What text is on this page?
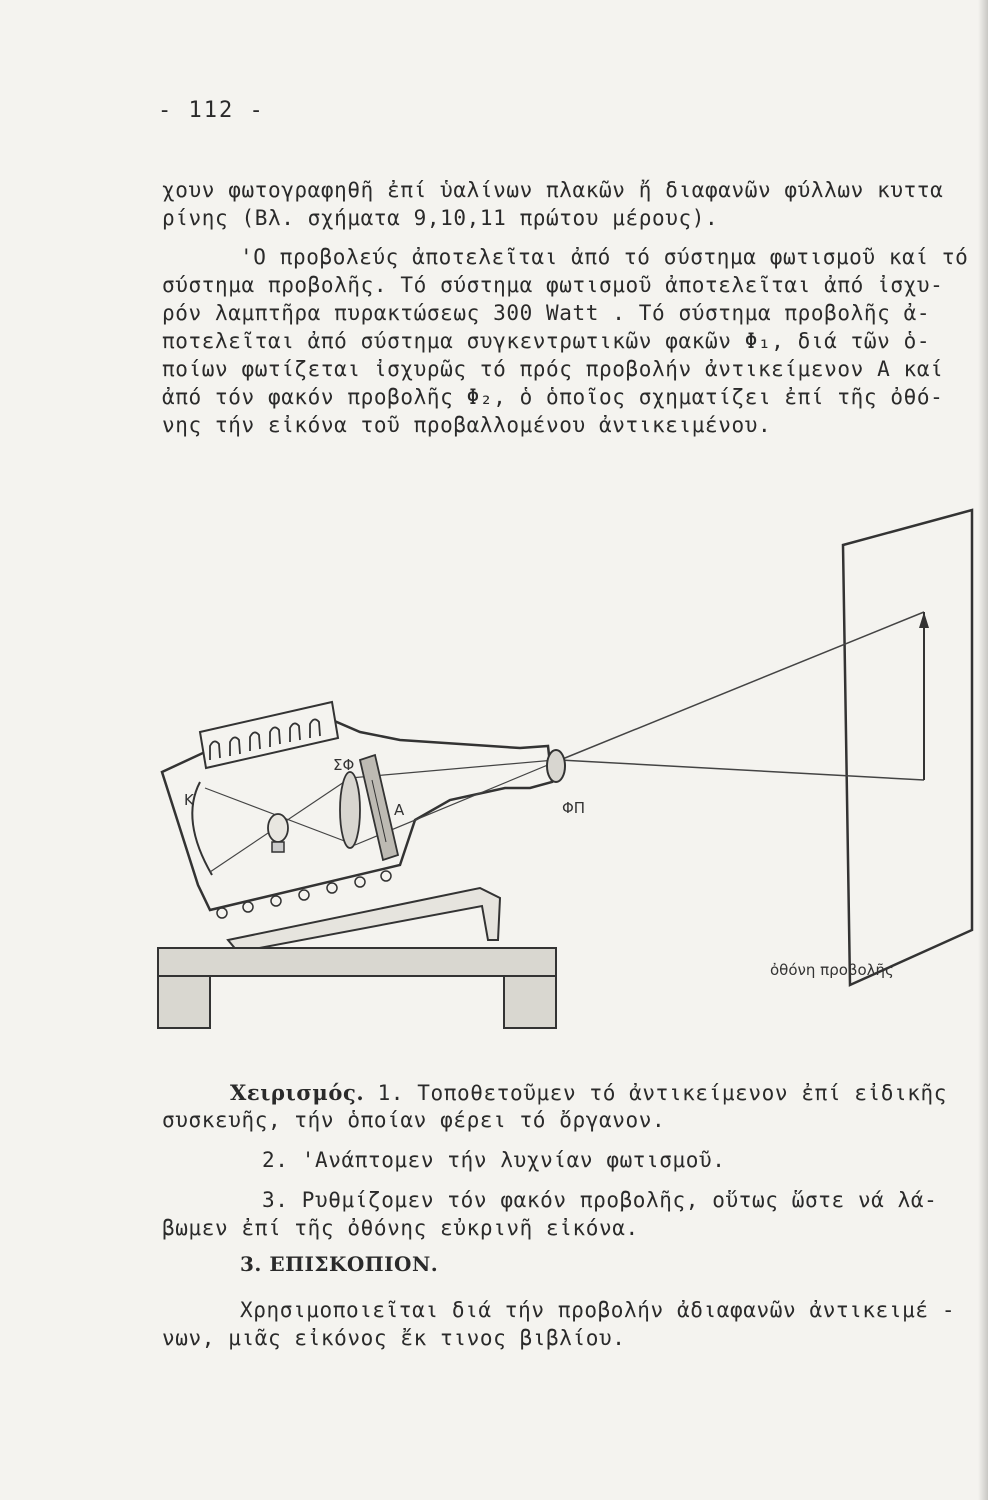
- 112 -
χουν φωτογραφηθῆ ἐπί ὑαλίνων πλακῶν ἤ διαφανῶν φύλλων κυττα
ρίνης (Βλ. σχήματα 9,10,11 πρώτου μέρους).
'Ο προβολεύς ἀποτελεῖται ἀπό τό σύστημα φωτισμοῦ καί τό
σύστημα προβολῆς. Τό σύστημα φωτισμοῦ ἀποτελεῖται ἀπό ἰσχυ-
ρόν λαμπτῆρα πυρακτώσεως 300 Watt . Τό σύστημα προβολῆς ἀ-
ποτελεῖται ἀπό σύστημα συγκεντρωτικῶν φακῶν Φ₁, διά τῶν ὁ-
ποίων φωτίζεται ἰσχυρῶς τό πρός προβολήν ἀντικείμενον Α καί
ἀπό τόν φακόν προβολῆς Φ₂, ὁ ὁποῖος σχηματίζει ἐπί τῆς ὀθό-
νης τήν εἰκόνα τοῦ προβαλλομένου ἀντικειμένου.
Κ
ΣΦ
Α	ΦΠ
ὀθόνη προβολῆς
Χειρισμός. 1. Τοποθετοῦμεν τό ἀντικείμενον ἐπί εἰδικῆς
συσκευῆς, τήν ὁποίαν φέρει τό ὄργανον.
2. 'Ανάπτομεν τήν λυχνίαν φωτισμοῦ.
3. Ρυθμίζομεν τόν φακόν προβολῆς, οὕτως ὥστε νά λά-
βωμεν ἐπί τῆς ὀθόνης εὐκρινῆ εἰκόνα.
3. ΕΠΙΣΚΟΠΙΟΝ.
Χρησιμοποιεῖται διά τήν προβολήν ἀδιαφανῶν ἀντικειμέ -
νων, μιᾶς εἰκόνος ἔκ τινος βιβλίου.
